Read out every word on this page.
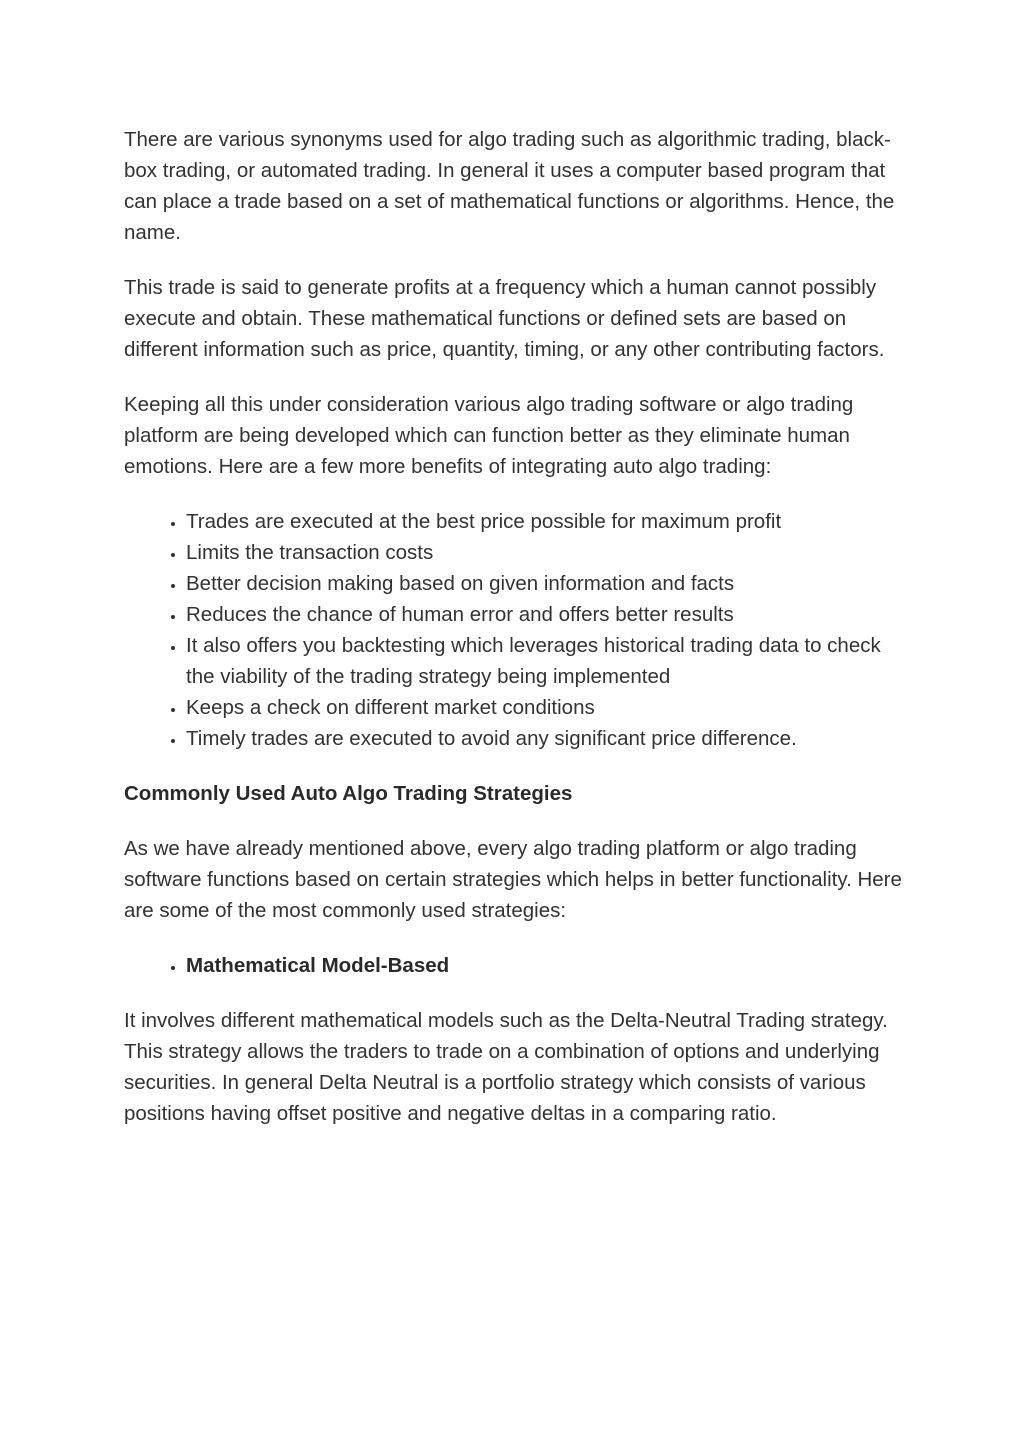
There are various synonyms used for algo trading such as algorithmic trading, black-box trading, or automated trading. In general it uses a computer based program that can place a trade based on a set of mathematical functions or algorithms. Hence, the name.

This trade is said to generate profits at a frequency which a human cannot possibly execute and obtain. These mathematical functions or defined sets are based on different information such as price, quantity, timing, or any other contributing factors.

Keeping all this under consideration various algo trading software or algo trading platform are being developed which can function better as they eliminate human emotions. Here are a few more benefits of integrating auto algo trading:

• Trades are executed at the best price possible for maximum profit
• Limits the transaction costs
• Better decision making based on given information and facts
• Reduces the chance of human error and offers better results
• It also offers you backtesting which leverages historical trading data to check the viability of the trading strategy being implemented
• Keeps a check on different market conditions
• Timely trades are executed to avoid any significant price difference.

Commonly Used Auto Algo Trading Strategies

As we have already mentioned above, every algo trading platform or algo trading software functions based on certain strategies which helps in better functionality. Here are some of the most commonly used strategies:

• Mathematical Model-Based

It involves different mathematical models such as the Delta-Neutral Trading strategy. This strategy allows the traders to trade on a combination of options and underlying securities. In general Delta Neutral is a portfolio strategy which consists of various positions having offset positive and negative deltas in a comparing ratio.
